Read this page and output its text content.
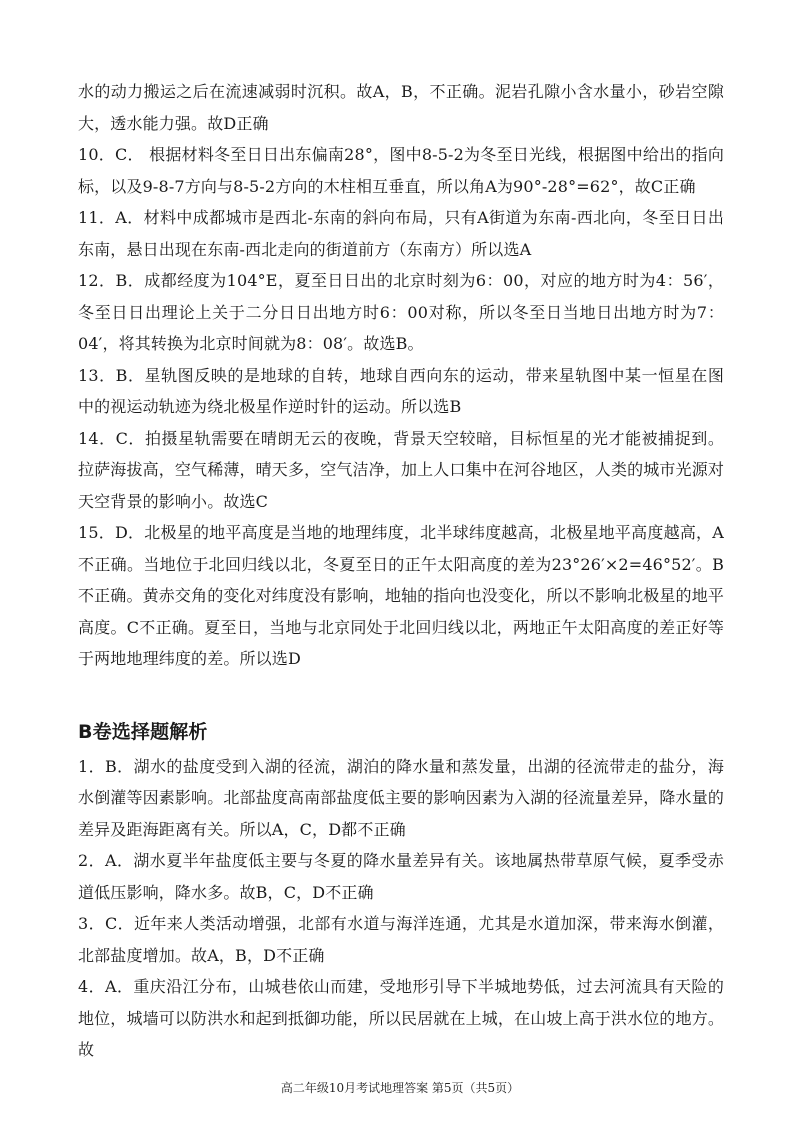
水的动力搬运之后在流速减弱时沉积。故A，B，不正确。泥岩孔隙小含水量小，砂岩空隙大，透水能力强。故D正确

10．C． 根据材料冬至日日出东偏南28°，图中8-5-2为冬至日光线，根据图中给出的指向标，以及9-8-7方向与8-5-2方向的木柱相互垂直，所以角A为90°-28°=62°，故C正确

11．A．材料中成都城市是西北-东南的斜向布局，只有A街道为东南-西北向，冬至日日出东南，悬日出现在东南-西北走向的街道前方（东南方）所以选A

12．B．成都经度为104°E，夏至日日出的北京时刻为6：00，对应的地方时为4：56′，冬至日日出理论上关于二分日日出地方时6：00对称，所以冬至日当地日出地方时为7：04′，将其转换为北京时间就为8：08′。故选B。

13．B．星轨图反映的是地球的自转，地球自西向东的运动，带来星轨图中某一恒星在图中的视运动轨迹为绕北极星作逆时针的运动。所以选B

14．C．拍摄星轨需要在晴朗无云的夜晚，背景天空较暗，目标恒星的光才能被捕捉到。拉萨海拔高，空气稀薄，晴天多，空气洁净，加上人口集中在河谷地区，人类的城市光源对天空背景的影响小。故选C

15．D．北极星的地平高度是当地的地理纬度，北半球纬度越高，北极星地平高度越高，A不正确。当地位于北回归线以北，冬夏至日的正午太阳高度的差为23°26′×2=46°52′。B不正确。黄赤交角的变化对纬度没有影响，地轴的指向也没变化，所以不影响北极星的地平高度。C不正确。夏至日，当地与北京同处于北回归线以北，两地正午太阳高度的差正好等于两地地理纬度的差。所以选D

B卷选择题解析

1．B．湖水的盐度受到入湖的径流，湖泊的降水量和蒸发量，出湖的径流带走的盐分，海水倒灌等因素影响。北部盐度高南部盐度低主要的影响因素为入湖的径流量差异，降水量的差异及距海距离有关。所以A，C，D都不正确

2．A．湖水夏半年盐度低主要与冬夏的降水量差异有关。该地属热带草原气候，夏季受赤道低压影响，降水多。故B，C，D不正确

3．C．近年来人类活动增强，北部有水道与海洋连通，尤其是水道加深，带来海水倒灌，北部盐度增加。故A，B，D不正确

4．A．重庆沿江分布，山城巷依山而建，受地形引导下半城地势低，过去河流具有天险的地位，城墙可以防洪水和起到抵御功能，所以民居就在上城，在山坡上高于洪水位的地方。故

高二年级10月考试地理答案 第5页（共5页）
